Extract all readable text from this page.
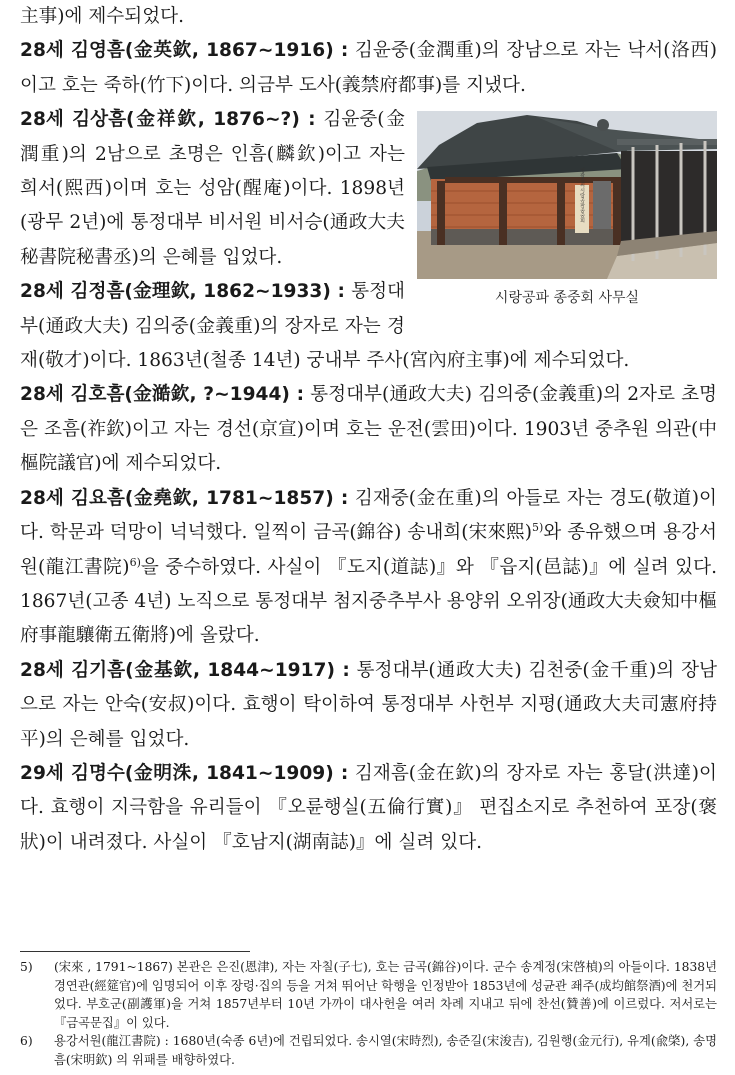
主事)에 제수되었다.

28세 김영흠(金英欽, 1867∼1916) : 김윤중(金潤重)의 장남으로 자는 낙서(洛西)이고 호는 죽하(竹下)이다. 의금부 도사(義禁府都事)를 지냈다.

영광김씨시랑공파종중회
시랑공파 종중회 사무실

28세 김상흠(金祥欽, 1876∼?) : 김윤중(金潤重)의 2남으로 초명은 인흠(麟欽)이고 자는 희서(熙西)이며 호는 성암(醒庵)이다. 1898년(광무 2년)에 통정대부 비서원 비서승(通政大夫秘書院秘書丞)의 은혜를 입었다.

28세 김정흠(金理欽, 1862∼1933) : 통정대부(通政大夫) 김의중(金義重)의 장자로 자는 경재(敬才)이다. 1863년(철종 14년) 궁내부 주사(宮內府主事)에 제수되었다.

28세 김호흠(金澔欽, ?∼1944) : 통정대부(通政大夫) 김의중(金義重)의 2자로 초명은 조흠(祚欽)이고 자는 경선(京宣)이며 호는 운전(雲田)이다. 1903년 중추원 의관(中樞院議官)에 제수되었다.

28세 김요흠(金堯欽, 1781∼1857) : 김재중(金在重)의 아들로 자는 경도(敬道)이다. 학문과 덕망이 넉넉했다. 일찍이 금곡(錦谷) 송내희(宋來熙)$^{5)}$와 종유했으며 용강서원(龍江書院)$^{6)}$을 중수하였다. 사실이 『도지(道誌)』와 『읍지(邑誌)』에 실려 있다. 1867년(고종 4년) 노직으로 통정대부 첨지중추부사 용양위 오위장(通政大夫僉知中樞府事龍驤衛五衛將)에 올랐다.

28세 김기흠(金基欽, 1844∼1917) : 통정대부(通政大夫) 김천중(金千重)의 장남으로 자는 안숙(安叔)이다. 효행이 탁이하여 통정대부 사헌부 지평(通政大夫司憲府持平)의 은혜를 입었다.

29세 김명수(金明洙, 1841∼1909) : 김재흠(金在欽)의 장자로 자는 홍달(洪達)이다. 효행이 지극함을 유리들이 『오륜행실(五倫行實)』 편집소지로 추천하여 포장(褒狀)이 내려졌다. 사실이 『호남지(湖南誌)』에 실려 있다.

5)	(宋來 , 1791~1867) 본관은 은진(恩津), 자는 자칠(子七), 호는 금곡(錦谷)이다. 군수 송계정(宋啓楨)의 아들이다. 1838년 경연관(經筵官)에 임명되어 이후 장령·집의 등을 거쳐 뛰어난 학행을 인정받아 1853년에 성균관 좨주(成均館祭酒)에 천거되었다. 부호군(副護軍)을 거쳐 1857년부터 10년 가까이 대사헌을 여러 차례 지내고 뒤에 찬선(贊善)에 이르렀다. 저서로는 『금곡문집』이 있다.

6)	용강서원(龍江書院) : 1680년(숙종 6년)에 건립되었다. 송시열(宋時烈), 송준길(宋浚吉), 김원행(金元行), 유계(兪棨), 송명흠(宋明欽) 의 위패를 배향하였다.
